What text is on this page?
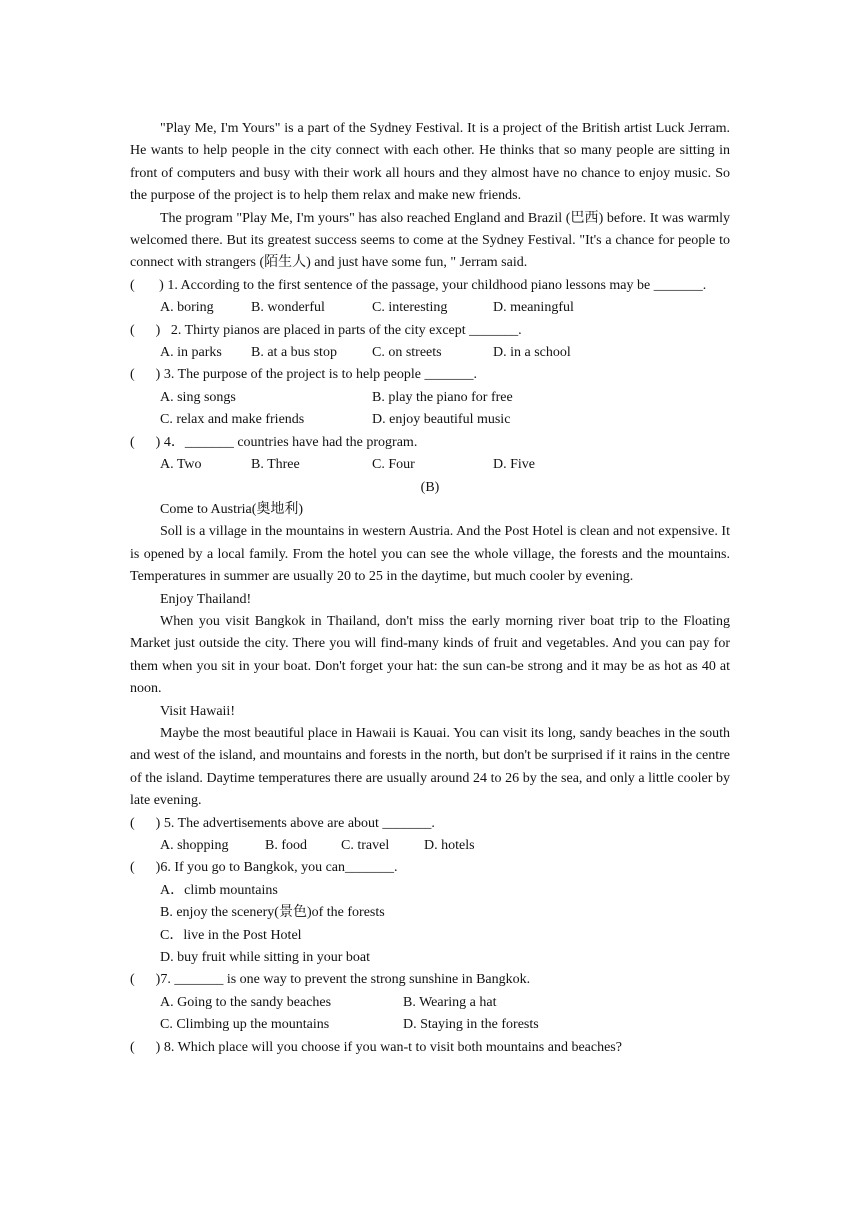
"Play Me, I'm Yours" is a part of the Sydney Festival. It is a project of the British artist Luck Jerram. He wants to help people in the city connect with each other. He thinks that so many people are sitting in front of computers and busy with their work all hours and they almost have no chance to enjoy music. So the purpose of the project is to help them relax and make new friends.

The program "Play Me, I'm yours" has also reached England and Brazil (巴西) before. It was warmly welcomed there. But its greatest success seems to come at the Sydney Festival. "It's a chance for people to connect with strangers (陌生人) and just have some fun, " Jerram said.

(       ) 1. According to the first sentence of the passage, your childhood piano lessons may be _______.

A. boring	B. wonderful	C. interesting	D. meaningful

(      )   2. Thirty pianos are placed in parts of the city except _______.

A. in parks	B. at a bus stop	C. on streets	D. in a school

(      ) 3. The purpose of the project is to help people _______.

A. sing songs	B. play the piano for free
C. relax and make friends	D. enjoy beautiful music

(      ) 4．_______ countries have had the program.

A. Two	B. Three	C. Four	D. Five

(B)

Come to Austria(奥地利)

Soll is a village in the mountains in western Austria. And the Post Hotel is clean and not expensive. It is opened by a local family. From the hotel you can see the whole village, the forests and the mountains. Temperatures in summer are usually 20 to 25 in the daytime, but much cooler by evening.

Enjoy Thailand!

When you visit Bangkok in Thailand, don't miss the early morning river boat trip to the Floating Market just outside the city. There you will find-many kinds of fruit and vegetables. And you can pay for them when you sit in your boat. Don't forget your hat: the sun can-be strong and it may be as hot as 40 at noon.

Visit Hawaii!

Maybe the most beautiful place in Hawaii is Kauai. You can visit its long, sandy beaches in the south and west of the island, and mountains and forests in the north, but don't be surprised if it rains in the centre of the island. Daytime temperatures there are usually around 24 to 26 by the sea, and only a little cooler by late evening.

(      ) 5. The advertisements above are about _______.

A. shopping	B. food	C. travel	D. hotels

(      )6. If you go to Bangkok, you can_______.

A．climb mountains

B. enjoy the scenery(景色)of the forests

C．live in the Post Hotel

D. buy fruit while sitting in your boat

(      )7. _______ is one way to prevent the strong sunshine in Bangkok.

A. Going to the sandy beaches	B. Wearing a hat
C. Climbing up the mountains	D. Staying in the forests

(      ) 8. Which place will you choose if you wan-t to visit both mountains and beaches?
